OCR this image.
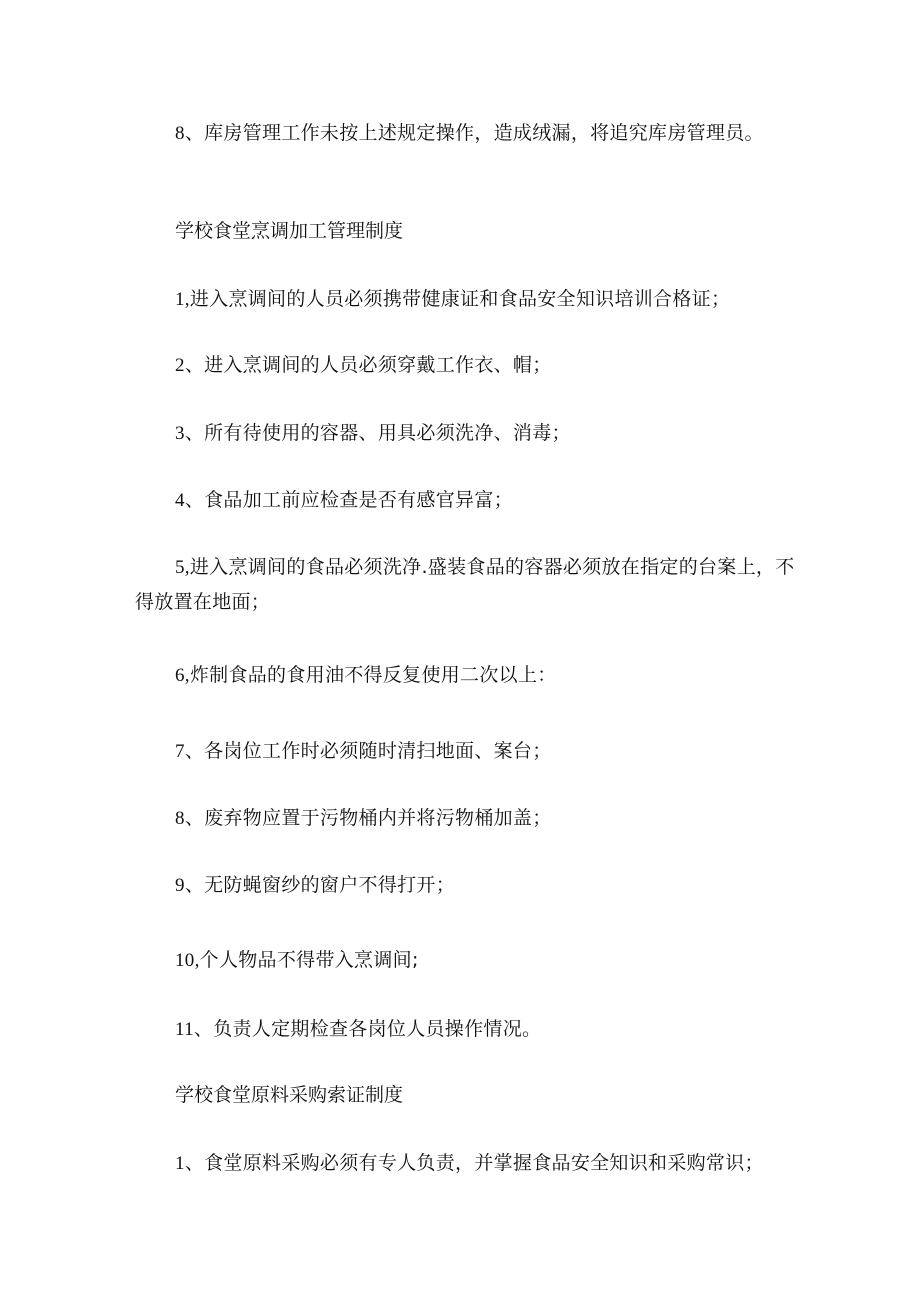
8、库房管理工作未按上述规定操作，造成绒漏，将追究库房管理员。

学校食堂烹调加工管理制度

1,进入烹调间的人员必须携带健康证和食品安全知识培训合格证；

2、进入烹调间的人员必须穿戴工作衣、帽；

3、所有待使用的容器、用具必须洗净、消毒；

4、食品加工前应检查是否有感官异富；

5,进入烹调间的食品必须洗净.盛装食品的容器必须放在指定的台案上，不得放置在地面；

6,炸制食品的食用油不得反复使用二次以上：

7、各岗位工作时必须随时清扫地面、案台；

8、废弃物应置于污物桶内并将污物桶加盖；

9、无防蝇窗纱的窗户不得打开；

10,个人物品不得带入烹调间;

11、负责人定期检查各岗位人员操作情况。

学校食堂原料采购索证制度

1、食堂原料采购必须有专人负责，并掌握食品安全知识和采购常识；
